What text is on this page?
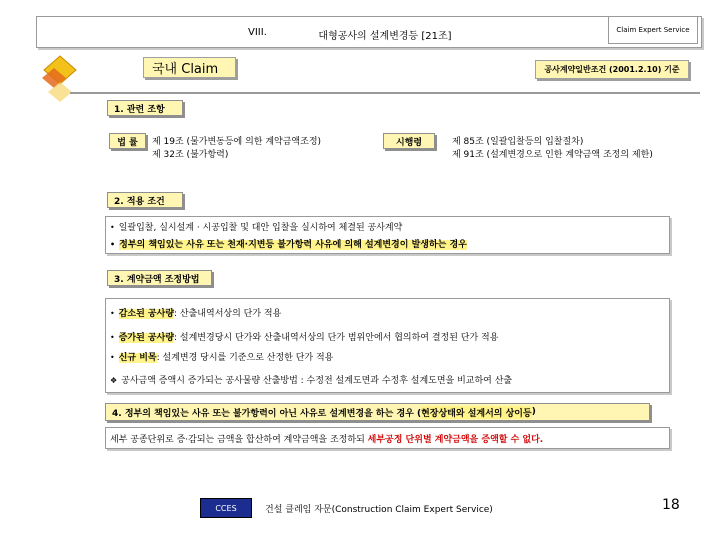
VIII.	대형공사의 설계변경등 [21조]
Claim Expert Service
국내 Claim	공사계약일반조건 (2001.2.10) 기준
1. 관련 조항
법 률	제 19조 (물가변동등에 의한 계약금액조정)
제 32조 (불가항력)
시행령	제 85조 (일괄입찰등의 입찰절차)
제 91조 (설계변경으로 인한 계약금액 조정의 제한)
2. 적용 조건
• 일괄입찰, 실시설계 · 시공입찰 및 대안 입찰을 실시하여 체결된 공사계약
• 정부의 책임있는 사유 또는 천재·지변등 불가항력 사유에 의해 설계변경이 발생하는 경우
3. 계약금액 조정방법
• 감소된 공사량: 산출내역서상의 단가 적용
• 증가된 공사량: 설계변경당시 단가와 산출내역서상의 단가 범위안에서 협의하여 결정된 단가 적용
• 신규 비목: 설계변경 당시를 기준으로 산정한 단가 적용
❖ 공사금액 증액시 증가되는 공사물량 산출방법 : 수정전 설계도면과 수정후 설계도면을 비교하여 산출
4. 정부의 책임있는 사유 또는 불가항력이 아닌 사유로 설계변경을 하는 경우 ( 현장상태와 설계서의 상이등 )
세부 공종단위로 증·감되는 금액을 합산하여 계약금액을 조정하되 세부공정 단위별 계약금액을 증액할 수 없다.
CCES	건설 클레임 자문(Construction Claim Expert Service)	18
